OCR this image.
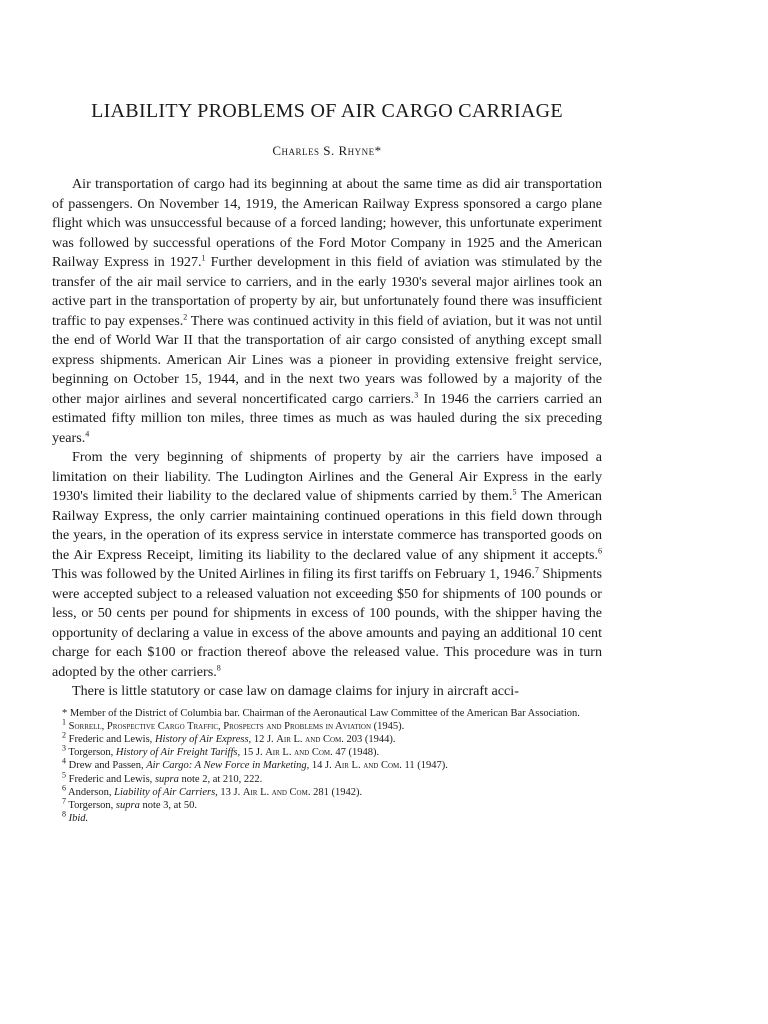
LIABILITY PROBLEMS OF AIR CARGO CARRIAGE
Charles S. Rhyne*

Air transportation of cargo had its beginning at about the same time as did air transportation of passengers. On November 14, 1919, the American Railway Express sponsored a cargo plane flight which was unsuccessful because of a forced landing; however, this unfortunate experiment was followed by successful operations of the Ford Motor Company in 1925 and the American Railway Express in 1927.$^1$ Further development in this field of aviation was stimulated by the transfer of the air mail service to carriers, and in the early 1930's several major airlines took an active part in the transportation of property by air, but unfortunately found there was insufficient traffic to pay expenses.$^2$ There was continued activity in this field of aviation, but it was not until the end of World War II that the transportation of air cargo consisted of anything except small express shipments. American Air Lines was a pioneer in providing extensive freight service, beginning on October 15, 1944, and in the next two years was followed by a majority of the other major airlines and several noncertificated cargo carriers.$^3$ In 1946 the carriers carried an estimated fifty million ton miles, three times as much as was hauled during the six preceding years.$^4$

From the very beginning of shipments of property by air the carriers have imposed a limitation on their liability. The Ludington Airlines and the General Air Express in the early 1930's limited their liability to the declared value of shipments carried by them.$^5$ The American Railway Express, the only carrier maintaining continued operations in this field down through the years, in the operation of its express service in interstate commerce has transported goods on the Air Express Receipt, limiting its liability to the declared value of any shipment it accepts.$^6$ This was followed by the United Airlines in filing its first tariffs on February 1, 1946.$^7$ Shipments were accepted subject to a released valuation not exceeding $50 for shipments of 100 pounds or less, or 50 cents per pound for shipments in excess of 100 pounds, with the shipper having the opportunity of declaring a value in excess of the above amounts and paying an additional 10 cent charge for each $100 or fraction thereof above the released value. This procedure was in turn adopted by the other carriers.$^8$

There is little statutory or case law on damage claims for injury in aircraft acci-

* Member of the District of Columbia bar. Chairman of the Aeronautical Law Committee of the American Bar Association.

$^1$ Sorrell, Prospective Cargo Traffic, Prospects and Problems in Aviation (1945).

$^2$ Frederic and Lewis, History of Air Express, 12 J. Air L. and Com. 203 (1944).

$^3$ Torgerson, History of Air Freight Tariffs, 15 J. Air L. and Com. 47 (1948).

$^4$ Drew and Passen, Air Cargo: A New Force in Marketing, 14 J. Air L. and Com. 11 (1947).

$^5$ Frederic and Lewis, supra note 2, at 210, 222.

$^6$ Anderson, Liability of Air Carriers, 13 J. Air L. and Com. 281 (1942).

$^7$ Torgerson, supra note 3, at 50.

$^8$ Ibid.
